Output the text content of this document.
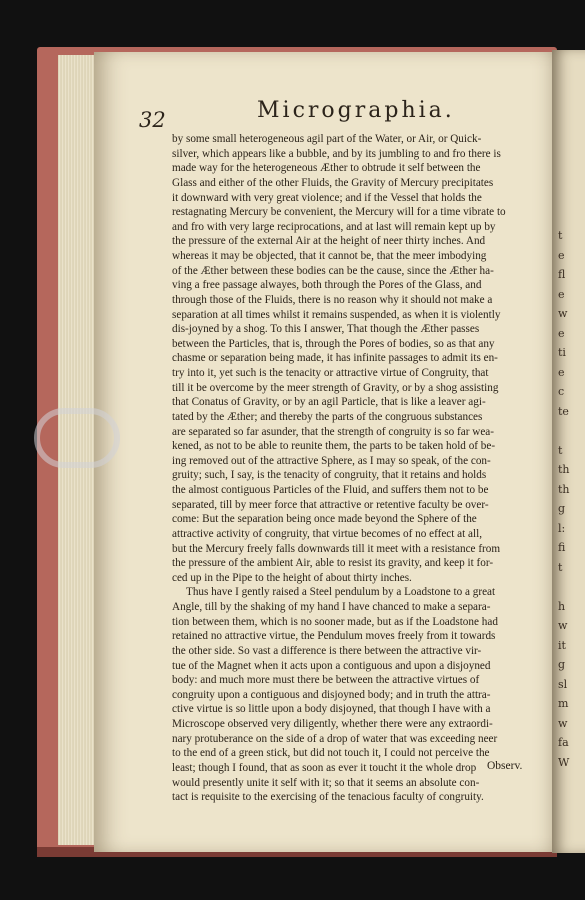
t
e
fl
e
w
e
ti
e
c
te
t
th
th
g
l:
fi
t
h
w
it
g
sl
m
w
fa
W
32	Micrographia.
by some small heterogeneous agil part of the Water, or Air, or Quick-
silver, which appears like a bubble, and by its jumbling to and fro there is
made way for the heterogeneous Æther to obtrude it self between the
Glass and either of the other Fluids, the Gravity of Mercury precipitates
it downward with very great violence; and if the Vessel that holds the
restagnating Mercury be convenient, the Mercury will for a time vibrate to
and fro with very large reciprocations, and at last will remain kept up by
the pressure of the external Air at the height of neer thirty inches. And
whereas it may be objected, that it cannot be, that the meer imbodying
of the Æther between these bodies can be the cause, since the Æther ha-
ving a free passage alwayes, both through the Pores of the Glass, and
through those of the Fluids, there is no reason why it should not make a
separation at all times whilst it remains suspended, as when it is violently
dis-joyned by a shog. To this I answer, That though the Æther passes
between the Particles, that is, through the Pores of bodies, so as that any
chasme or separation being made, it has infinite passages to admit its en-
try into it, yet such is the tenacity or attractive virtue of Congruity, that
till it be overcome by the meer strength of Gravity, or by a shog assisting
that Conatus of Gravity, or by an agil Particle, that is like a leaver agi-
tated by the Æther; and thereby the parts of the congruous substances
are separated so far asunder, that the strength of congruity is so far wea-
kened, as not to be able to reunite them, the parts to be taken hold of be-
ing removed out of the attractive Sphere, as I may so speak, of the con-
gruity; such, I say, is the tenacity of congruity, that it retains and holds
the almost contiguous Particles of the Fluid, and suffers them not to be
separated, till by meer force that attractive or retentive faculty be over-
come: But the separation being once made beyond the Sphere of the
attractive activity of congruity, that virtue becomes of no effect at all,
but the Mercury freely falls downwards till it meet with a resistance from
the pressure of the ambient Air, able to resist its gravity, and keep it for-
ced up in the Pipe to the height of about thirty inches.
Thus have I gently raised a Steel pendulum by a Loadstone to a great
Angle, till by the shaking of my hand I have chanced to make a separa-
tion between them, which is no sooner made, but as if the Loadstone had
retained no attractive virtue, the Pendulum moves freely from it towards
the other side. So vast a difference is there between the attractive vir-
tue of the Magnet when it acts upon a contiguous and upon a disjoyned
body: and much more must there be between the attractive virtues of
congruity upon a contiguous and disjoyned body; and in truth the attra-
ctive virtue is so little upon a body disjoyned, that though I have with a
Microscope observed very diligently, whether there were any extraordi-
nary protuberance on the side of a drop of water that was exceeding neer
to the end of a green stick, but did not touch it, I could not perceive the
least; though I found, that as soon as ever it toucht it the whole drop
would presently unite it self with it; so that it seems an absolute con-
tact is requisite to the exercising of the tenacious faculty of congruity.
Observ.
